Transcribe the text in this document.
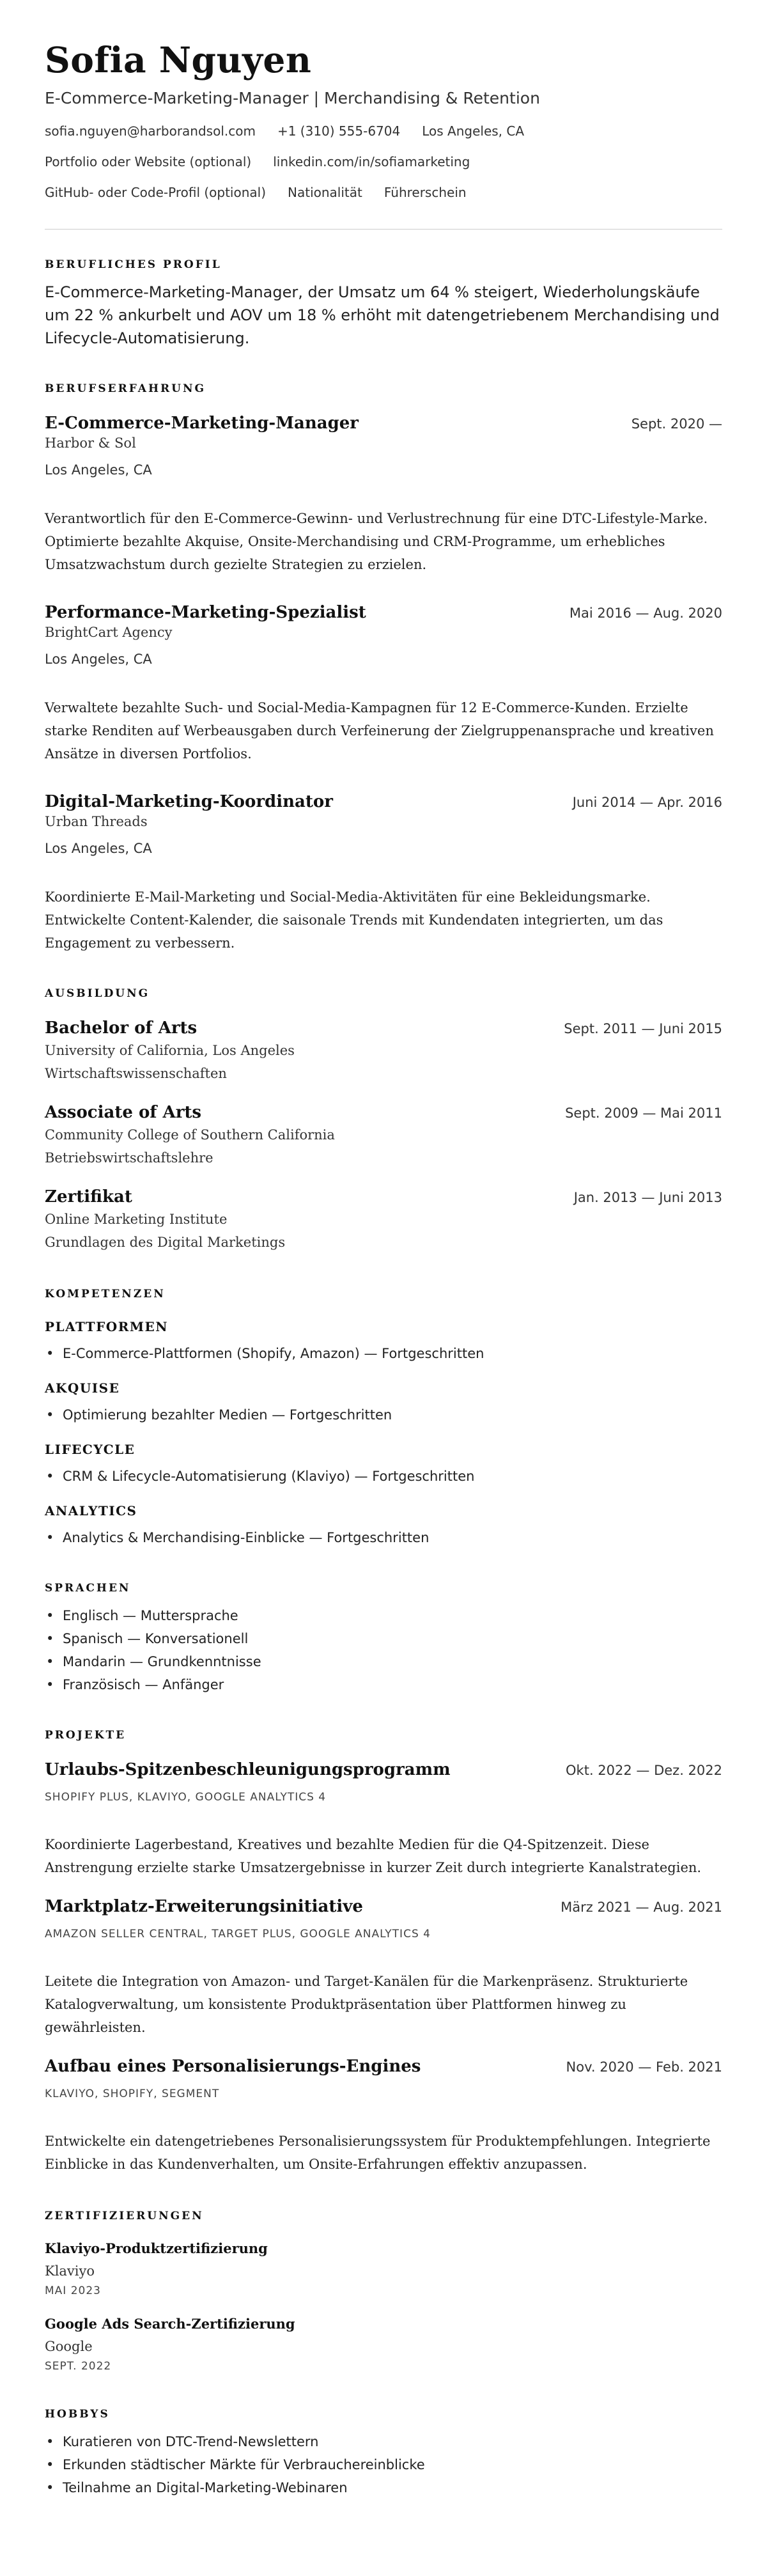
Sofia Nguyen
E-Commerce-Marketing-Manager | Merchandising & Retention
sofia.nguyen@harborandsol.com +1 (310) 555-6704 Los Angeles, CA
Portfolio oder Website (optional) linkedin.com/in/sofiamarketing
GitHub- oder Code-Profil (optional) Nationalität Führerschein
BERUFLICHES PROFIL

E-Commerce-Marketing-Manager, der Umsatz um 64 % steigert, Wiederholungskäufe um 22 % ankurbelt und AOV um 18 % erhöht mit datengetriebenem Merchandising und Lifecycle-Automatisierung.

BERUFSERFAHRUNG
E-Commerce-Marketing-Manager	Sept. 2020 —
Harbor & Sol
Los Angeles, CA

Verantwortlich für den E-Commerce-Gewinn- und Verlustrechnung für eine DTC-Lifestyle-Marke. Optimierte bezahlte Akquise, Onsite-Merchandising und CRM-Programme, um erhebliches Umsatzwachstum durch gezielte Strategien zu erzielen.

Performance-Marketing-Spezialist	Mai 2016 — Aug. 2020
BrightCart Agency
Los Angeles, CA

Verwaltete bezahlte Such- und Social-Media-Kampagnen für 12 E-Commerce-Kunden. Erzielte starke Renditen auf Werbeausgaben durch Verfeinerung der Zielgruppenansprache und kreativen Ansätze in diversen Portfolios.

Digital-Marketing-Koordinator	Juni 2014 — Apr. 2016
Urban Threads
Los Angeles, CA

Koordinierte E-Mail-Marketing und Social-Media-Aktivitäten für eine Bekleidungsmarke. Entwickelte Content-Kalender, die saisonale Trends mit Kundendaten integrierten, um das Engagement zu verbessern.

AUSBILDUNG
Bachelor of Arts	Sept. 2011 — Juni 2015
University of California, Los Angeles
Wirtschaftswissenschaften
Associate of Arts	Sept. 2009 — Mai 2011
Community College of Southern California
Betriebswirtschaftslehre
Zertifikat	Jan. 2013 — Juni 2013
Online Marketing Institute
Grundlagen des Digital Marketings
KOMPETENZEN
PLATTFORMEN
• E-Commerce-Plattformen (Shopify, Amazon) — Fortgeschritten
AKQUISE
• Optimierung bezahlter Medien — Fortgeschritten
LIFECYCLE
• CRM & Lifecycle-Automatisierung (Klaviyo) — Fortgeschritten
ANALYTICS
• Analytics & Merchandising-Einblicke — Fortgeschritten
SPRACHEN
• Englisch — Muttersprache
• Spanisch — Konversationell
• Mandarin — Grundkenntnisse
• Französisch — Anfänger
PROJEKTE
Urlaubs-Spitzenbeschleunigungsprogramm	Okt. 2022 — Dez. 2022
SHOPIFY PLUS, KLAVIYO, GOOGLE ANALYTICS 4

Koordinierte Lagerbestand, Kreatives und bezahlte Medien für die Q4-Spitzenzeit. Diese Anstrengung erzielte starke Umsatzergebnisse in kurzer Zeit durch integrierte Kanalstrategien.

Marktplatz-Erweiterungsinitiative	März 2021 — Aug. 2021
AMAZON SELLER CENTRAL, TARGET PLUS, GOOGLE ANALYTICS 4

Leitete die Integration von Amazon- und Target-Kanälen für die Markenpräsenz. Strukturierte Katalogverwaltung, um konsistente Produktpräsentation über Plattformen hinweg zu gewährleisten.

Aufbau eines Personalisierungs-Engines	Nov. 2020 — Feb. 2021
KLAVIYO, SHOPIFY, SEGMENT

Entwickelte ein datengetriebenes Personalisierungssystem für Produktempfehlungen. Integrierte Einblicke in das Kundenverhalten, um Onsite-Erfahrungen effektiv anzupassen.

ZERTIFIZIERUNGEN
Klaviyo-Produktzertifizierung
Klaviyo
MAI 2023
Google Ads Search-Zertifizierung
Google
SEPT. 2022
HOBBYS
• Kuratieren von DTC-Trend-Newslettern
• Erkunden städtischer Märkte für Verbrauchereinblicke
• Teilnahme an Digital-Marketing-Webinaren
